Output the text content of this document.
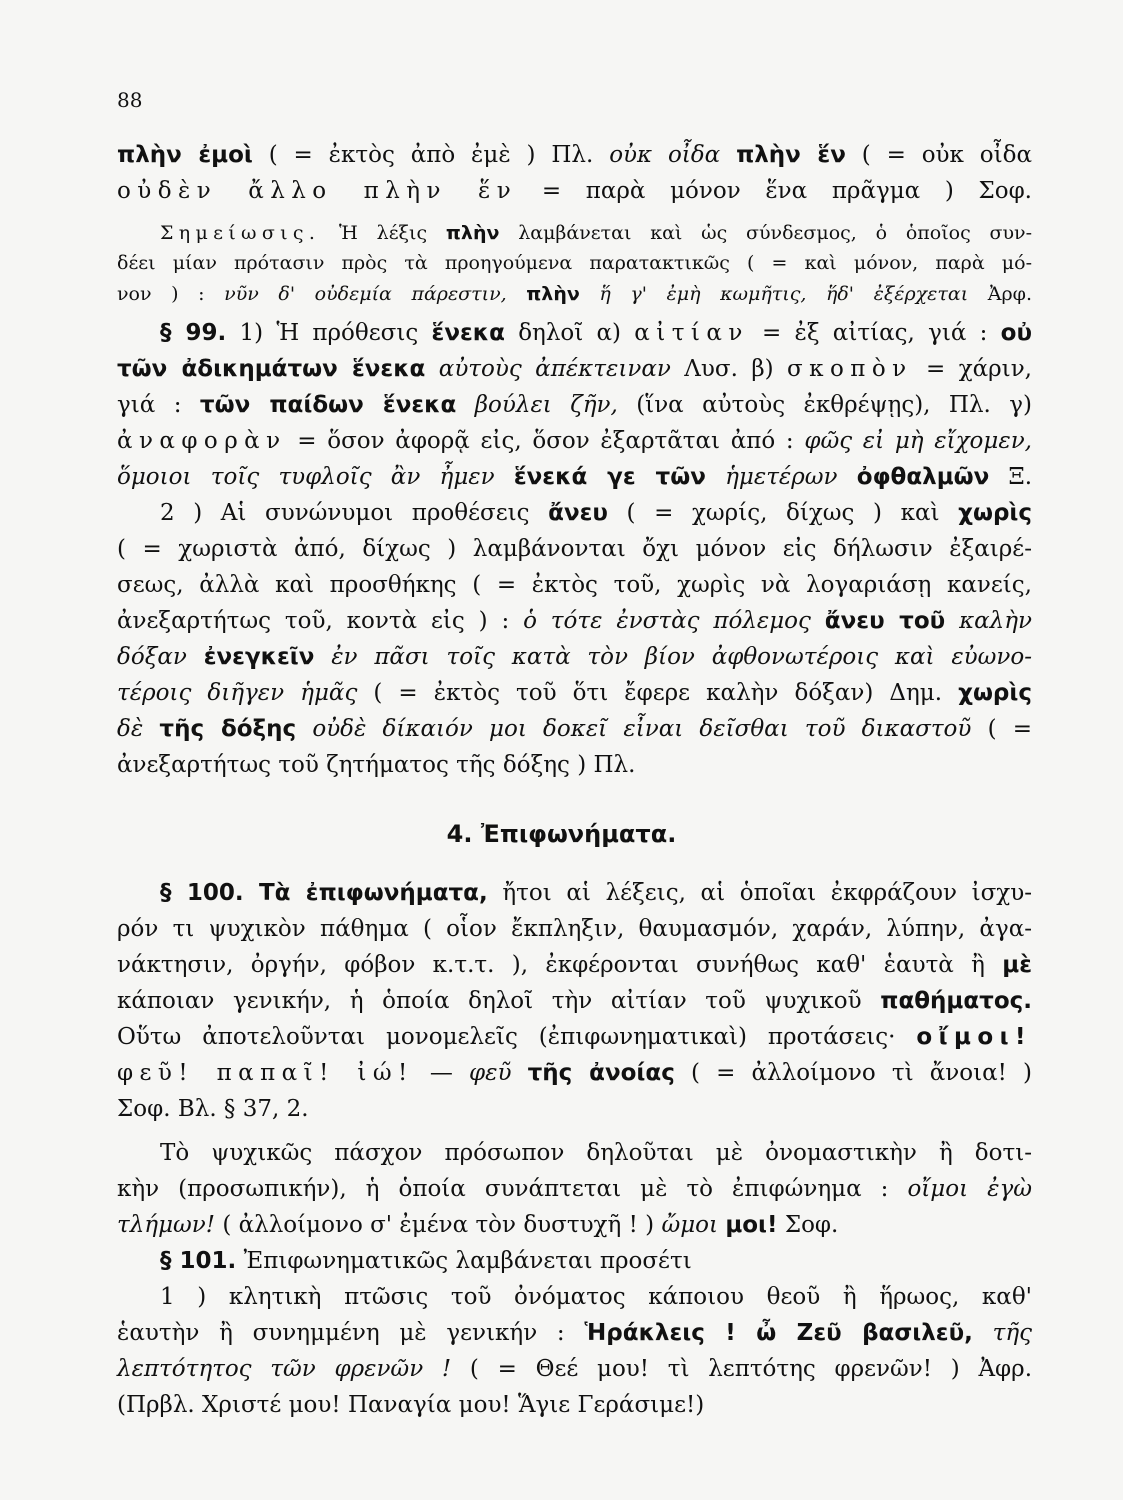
88
πλὴν ἐμοὶ ( = ἐκτὸς ἀπὸ ἐμὲ ) Πλ. οὐκ οἶδα πλὴν ἕν ( = οὐκ οἶδα
οὐδὲν ἄλλο πλὴν ἕν = παρὰ μόνον ἕνα πρᾶγμα ) Σοφ.
Σημείωσις. Ἡ λέξις πλὴν λαμβάνεται καὶ ὡς σύνδεσμος, ὁ ὁποῖος συν-
δέει μίαν πρότασιν πρὸς τὰ προηγούμενα παρατακτικῶς ( = καὶ μόνον, παρὰ μό-
νον ) : νῦν δ' οὐδεμία πάρεστιν, πλὴν ἥ γ' ἐμὴ κωμῆτις, ἥδ' ἐξέρχεται Ἀρφ.
§ 99. 1) Ἡ πρόθεσις ἕνεκα δηλοῖ α) αἰτίαν = ἐξ αἰτίας, γιά : οὐ
τῶν ἀδικημάτων ἕνεκα αὐτοὺς ἀπέκτειναν Λυσ. β) σκοπὸν = χάριν,
γιά : τῶν παίδων ἕνεκα βούλει ζῆν, (ἵνα αὐτοὺς ἐκθρέψῃς), Πλ. γ)
ἀναφορὰν = ὅσον ἀφορᾷ εἰς, ὅσον ἐξαρτᾶται ἀπό : φῶς εἰ μὴ εἴχομεν,
ὅμοιοι τοῖς τυφλοῖς ἂν ἦμεν ἕνεκά γε τῶν ἡμετέρων ὀφθαλμῶν Ξ.
2 ) Αἱ συνώνυμοι προθέσεις ἄνευ ( = χωρίς, δίχως ) καὶ χωρὶς
( = χωριστὰ ἀπό, δίχως ) λαμβάνονται ὄχι μόνον εἰς δήλωσιν ἐξαιρέ-
σεως, ἀλλὰ καὶ προσθήκης ( = ἐκτὸς τοῦ, χωρὶς νὰ λογαριάσῃ κανείς,
ἀνεξαρτήτως τοῦ, κοντὰ εἰς ) : ὁ τότε ἐνστὰς πόλεμος ἄνευ τοῦ καλὴν
δόξαν ἐνεγκεῖν ἐν πᾶσι τοῖς κατὰ τὸν βίον ἀφθονωτέροις καὶ εὐωνο-
τέροις διῆγεν ἡμᾶς ( = ἐκτὸς τοῦ ὅτι ἔφερε καλὴν δόξαν) Δημ. χωρὶς
δὲ τῆς δόξης οὐδὲ δίκαιόν μοι δοκεῖ εἶναι δεῖσθαι τοῦ δικαστοῦ ( =
ἀνεξαρτήτως τοῦ ζητήματος τῆς δόξης ) Πλ.
4. Ἐπιφωνήματα.
§ 100. Τὰ ἐπιφωνήματα, ἤτοι αἱ λέξεις, αἱ ὁποῖαι ἐκφράζουν ἰσχυ-
ρόν τι ψυχικὸν πάθημα ( οἷον ἔκπληξιν, θαυμασμόν, χαράν, λύπην, ἀγα-
νάκτησιν, ὀργήν, φόβον κ.τ.τ. ), ἐκφέρονται συνήθως καθ' ἑαυτὰ ἢ μὲ
κάποιαν γενικήν, ἡ ὁποία δηλοῖ τὴν αἰτίαν τοῦ ψυχικοῦ παθήματος.
Οὕτω ἀποτελοῦνται μονομελεῖς (ἐπιφωνηματικαὶ) προτάσεις· οἴμοι!
φεῦ! παπαῖ! ἰώ! — φεῦ τῆς ἀνοίας ( = ἀλλοίμονο τὶ ἄνοια! )
Σοφ. Βλ. § 37, 2.
Τὸ ψυχικῶς πάσχον πρόσωπον δηλοῦται μὲ ὀνομαστικὴν ἢ δοτι-
κὴν (προσωπικήν), ἡ ὁποία συνάπτεται μὲ τὸ ἐπιφώνημα : οἴμοι ἐγὼ
τλήμων! ( ἀλλοίμονο σ' ἐμένα τὸν δυστυχῆ ! ) ὤμοι μοι! Σοφ.
§ 101. Ἐπιφωνηματικῶς λαμβάνεται προσέτι
1 ) κλητικὴ πτῶσις τοῦ ὀνόματος κάποιου θεοῦ ἢ ἥρωος, καθ'
ἑαυτὴν ἢ συνημμένη μὲ γενικήν : Ἡράκλεις ! ὦ Ζεῦ βασιλεῦ, τῆς
λεπτότητος τῶν φρενῶν ! ( = Θεέ μου! τὶ λεπτότης φρενῶν! ) Ἀφρ.
(Πρβλ. Χριστέ μου! Παναγία μου! Ἅγιε Γεράσιμε!)
